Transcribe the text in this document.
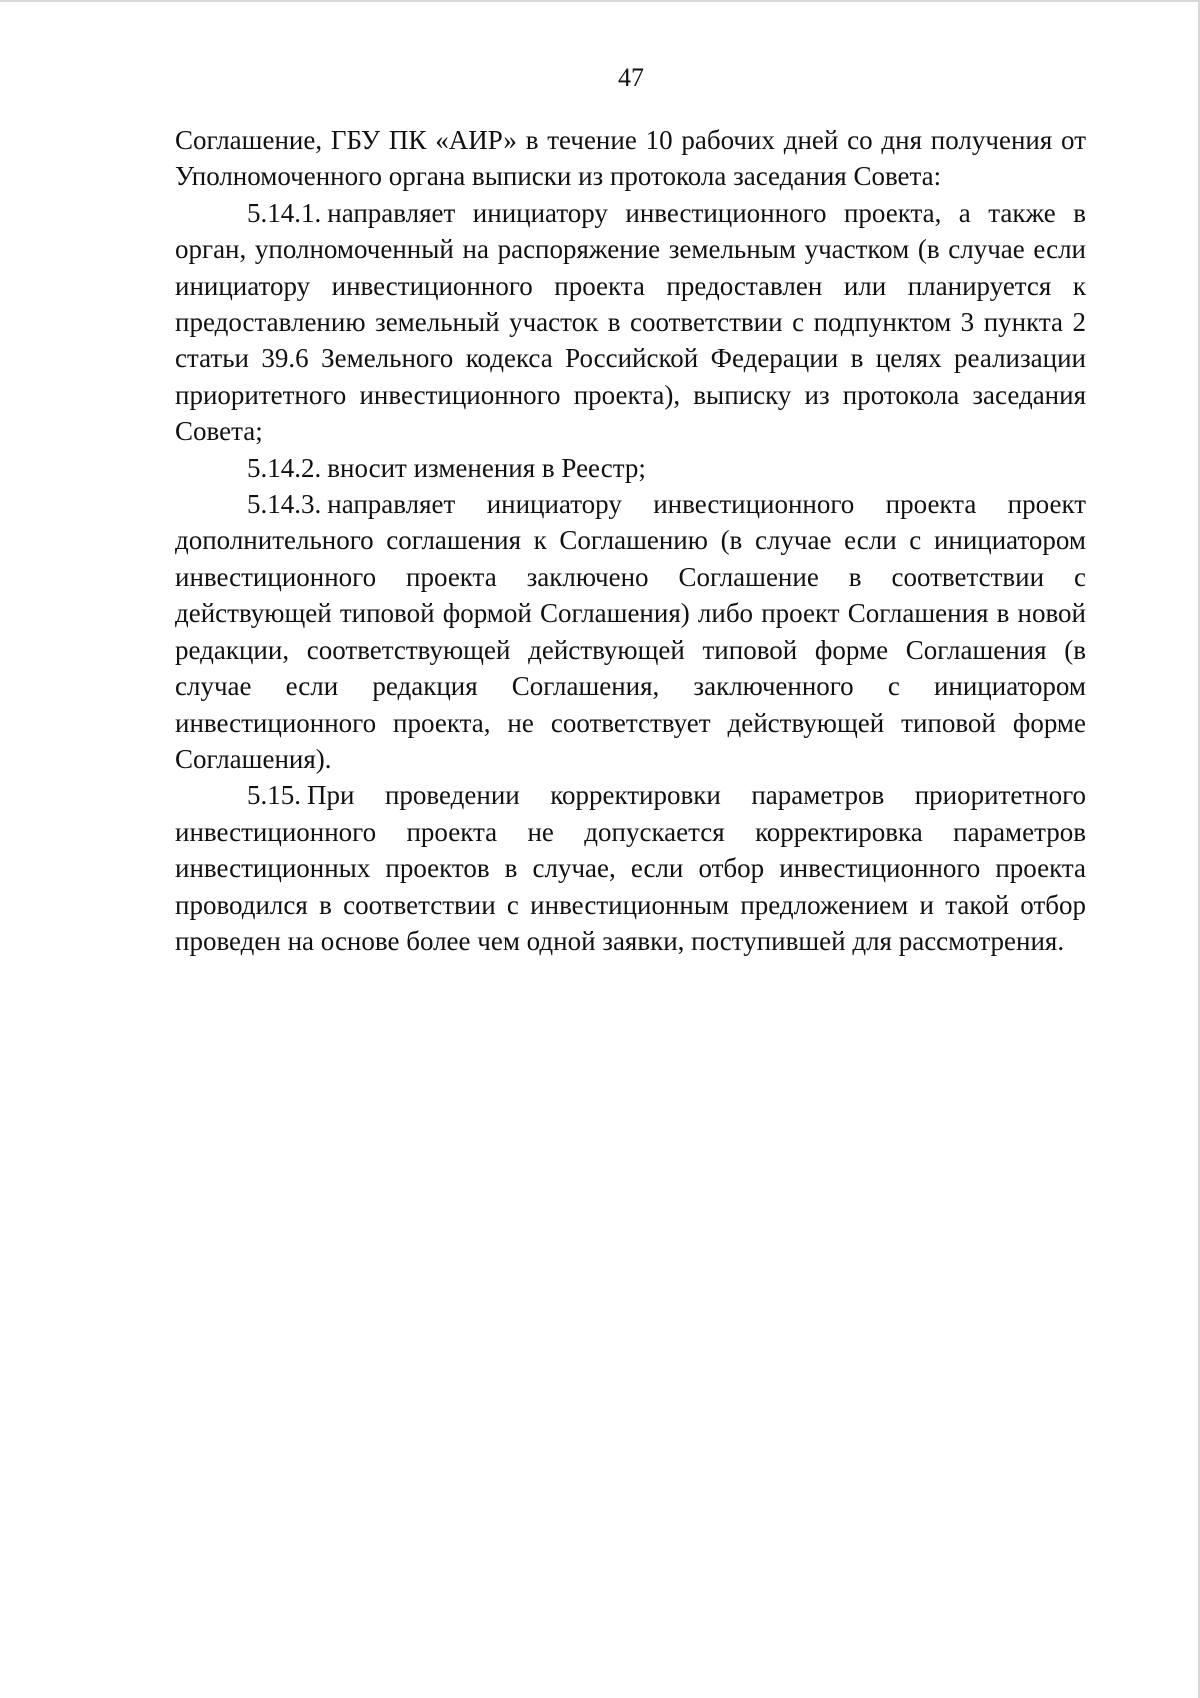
47

Соглашение, ГБУ ПК «АИР» в течение 10 рабочих дней со дня получения от Уполномоченного органа выписки из протокола заседания Совета:

5.14.1. направляет инициатору инвестиционного проекта, а также в орган, уполномоченный на распоряжение земельным участком (в случае если инициатору инвестиционного проекта предоставлен или планируется к предоставлению земельный участок в соответствии с подпунктом 3 пункта 2 статьи 39.6 Земельного кодекса Российской Федерации в целях реализации приоритетного инвестиционного проекта), выписку из протокола заседания Совета;

5.14.2. вносит изменения в Реестр;

5.14.3. направляет инициатору инвестиционного проекта проект дополнительного соглашения к Соглашению (в случае если с инициатором инвестиционного проекта заключено Соглашение в соответствии с действующей типовой формой Соглашения) либо проект Соглашения в новой редакции, соответствующей действующей типовой форме Соглашения (в случае если редакция Соглашения, заключенного с инициатором инвестиционного проекта, не соответствует действующей типовой форме Соглашения).

5.15. При проведении корректировки параметров приоритетного инвестиционного проекта не допускается корректировка параметров инвестиционных проектов в случае, если отбор инвестиционного проекта проводился в соответствии с инвестиционным предложением и такой отбор проведен на основе более чем одной заявки, поступившей для рассмотрения.
